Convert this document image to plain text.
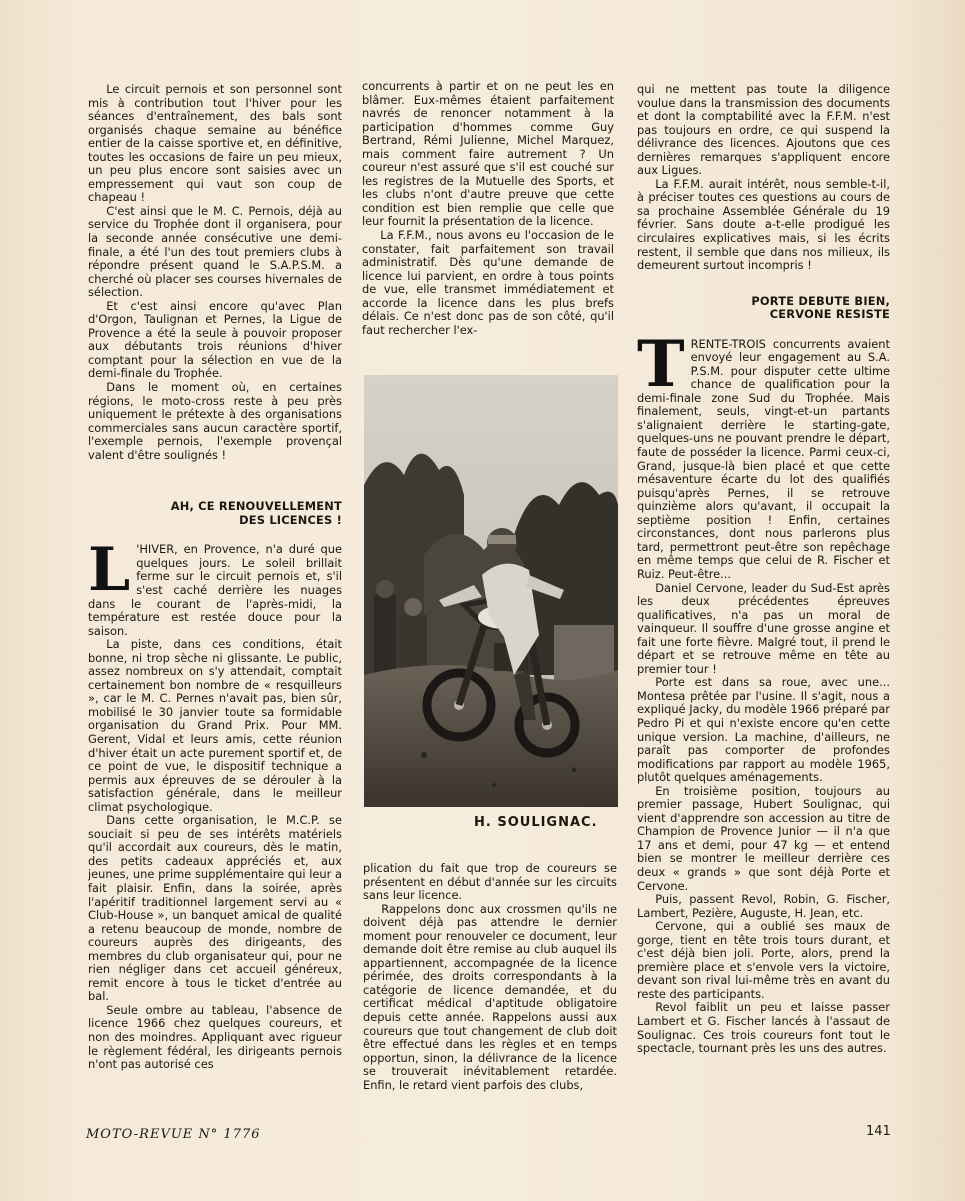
Le circuit pernois et son personnel sont mis à contribution tout l'hiver pour les séances d'entraînement, des bals sont organisés chaque semaine au bénéfice entier de la caisse sportive et, en définitive, toutes les occasions de faire un peu mieux, un peu plus encore sont saisies avec un empressement qui vaut son coup de chapeau !

C'est ainsi que le M. C. Pernois, déjà au service du Trophée dont il organisera, pour la seconde année consécutive une demi-finale, a été l'un des tout premiers clubs à répondre présent quand le S.A.P.S.M. a cherché où placer ses courses hivernales de sélection.

Et c'est ainsi encore qu'avec Plan d'Orgon, Taulignan et Pernes, la Ligue de Provence a été la seule à pouvoir proposer aux débutants trois réunions d'hiver comptant pour la sélection en vue de la demi-finale du Trophée.

Dans le moment où, en certaines régions, le moto-cross reste à peu près uniquement le prétexte à des organisations commerciales sans aucun caractère sportif, l'exemple pernois, l'exemple provençal valent d'être soulignés !

AH, CE RENOUVELLEMENT
DES LICENCES !

L 'HIVER, en Provence, n'a duré que quelques jours. Le soleil brillait ferme sur le circuit pernois et, s'il s'est caché derrière les nuages dans le courant de l'après-midi, la température est restée douce pour la saison.

La piste, dans ces conditions, était bonne, ni trop sèche ni glissante. Le public, assez nombreux on s'y attendait, comptait certainement bon nombre de « resquilleurs », car le M. C. Pernes n'avait pas, bien sûr, mobilisé le 30 janvier toute sa formidable organisation du Grand Prix. Pour MM. Gerent, Vidal et leurs amis, cette réunion d'hiver était un acte purement sportif et, de ce point de vue, le dispositif technique a permis aux épreuves de se dérouler à la satisfaction générale, dans le meilleur climat psychologique.

Dans cette organisation, le M.C.P. se souciait si peu de ses intérêts matériels qu'il accordait aux coureurs, dès le matin, des petits cadeaux appréciés et, aux jeunes, une prime supplémentaire qui leur a fait plaisir. Enfin, dans la soirée, après l'apéritif traditionnel largement servi au « Club-House », un banquet amical de qualité a retenu beaucoup de monde, nombre de coureurs auprès des dirigeants, des membres du club organisateur qui, pour ne rien négliger dans cet accueil généreux, remit encore à tous le ticket d'entrée au bal.

Seule ombre au tableau, l'absence de licence 1966 chez quelques coureurs, et non des moindres. Appliquant avec rigueur le règlement fédéral, les dirigeants pernois n'ont pas autorisé ces

concurrents à partir et on ne peut les en blâmer. Eux-mêmes étaient parfaitement navrés de renoncer notamment à la participation d'hommes comme Guy Bertrand, Rémi Julienne, Michel Marquez, mais comment faire autrement ? Un coureur n'est assuré que s'il est couché sur les registres de la Mutuelle des Sports, et les clubs n'ont d'autre preuve que cette condition est bien remplie que celle que leur fournit la présentation de la licence.

La F.F.M., nous avons eu l'occasion de le constater, fait parfaitement son travail administratif. Dès qu'une demande de licence lui parvient, en ordre à tous points de vue, elle transmet immédiatement et accorde la licence dans les plus brefs délais. Ce n'est donc pas de son côté, qu'il faut rechercher l'ex-

H. SOULIGNAC.

plication du fait que trop de coureurs se présentent en début d'année sur les circuits sans leur licence.

Rappelons donc aux crossmen qu'ils ne doivent déjà pas attendre le dernier moment pour renouveler ce document, leur demande doit être remise au club auquel ils appartiennent, accompagnée de la licence périmée, des droits correspondants à la catégorie de licence demandée, et du certificat médical d'aptitude obligatoire depuis cette année. Rappelons aussi aux coureurs que tout changement de club doit être effectué dans les règles et en temps opportun, sinon, la délivrance de la licence se trouverait inévitablement retardée. Enfin, le retard vient parfois des clubs,

qui ne mettent pas toute la diligence voulue dans la transmission des documents et dont la comptabilité avec la F.F.M. n'est pas toujours en ordre, ce qui suspend la délivrance des licences. Ajoutons que ces dernières remarques s'appliquent encore aux Ligues.

La F.F.M. aurait intérêt, nous semble-t-il, à préciser toutes ces questions au cours de sa prochaine Assemblée Générale du 19 février. Sans doute a-t-elle prodigué les circulaires explicatives mais, si les écrits restent, il semble que dans nos milieux, ils demeurent surtout incompris !

PORTE DEBUTE BIEN,
CERVONE RESISTE

TRENTE-TROIS concurrents avaient envoyé leur engagement au S.A. P.S.M. pour disputer cette ultime chance de qualification pour la demi-finale zone Sud du Trophée. Mais finalement, seuls, vingt-et-un partants s'alignaient derrière le starting-gate, quelques-uns ne pouvant prendre le départ, faute de posséder la licence. Parmi ceux-ci, Grand, jusque-là bien placé et que cette mésaventure écarte du lot des qualifiés puisqu'après Pernes, il se retrouve quinzième alors qu'avant, il occupait la septième position ! Enfin, certaines circonstances, dont nous parlerons plus tard, permettront peut-être son repêchage en même temps que celui de R. Fischer et Ruiz. Peut-être...

Daniel Cervone, leader du Sud-Est après les deux précédentes épreuves qualificatives, n'a pas un moral de vainqueur. Il souffre d'une grosse angine et fait une forte fièvre. Malgré tout, il prend le départ et se retrouve même en tête au premier tour !

Porte est dans sa roue, avec une... Montesa prêtée par l'usine. Il s'agit, nous a expliqué Jacky, du modèle 1966 préparé par Pedro Pi et qui n'existe encore qu'en cette unique version. La machine, d'ailleurs, ne paraît pas comporter de profondes modifications par rapport au modèle 1965, plutôt quelques aménagements.

En troisième position, toujours au premier passage, Hubert Soulignac, qui vient d'apprendre son accession au titre de Champion de Provence Junior — il n'a que 17 ans et demi, pour 47 kg — et entend bien se montrer le meilleur derrière ces deux « grands » que sont déjà Porte et Cervone.

Puis, passent Revol, Robin, G. Fischer, Lambert, Pezière, Auguste, H. Jean, etc.

Cervone, qui a oublié ses maux de gorge, tient en tête trois tours durant, et c'est déjà bien joli. Porte, alors, prend la première place et s'envole vers la victoire, devant son rival lui-même très en avant du reste des participants.

Revol faiblit un peu et laisse passer Lambert et G. Fischer lancés à l'assaut de Soulignac. Ces trois coureurs font tout le spectacle, tournant près les uns des autres.

MOTO-REVUE N° 1776	141
